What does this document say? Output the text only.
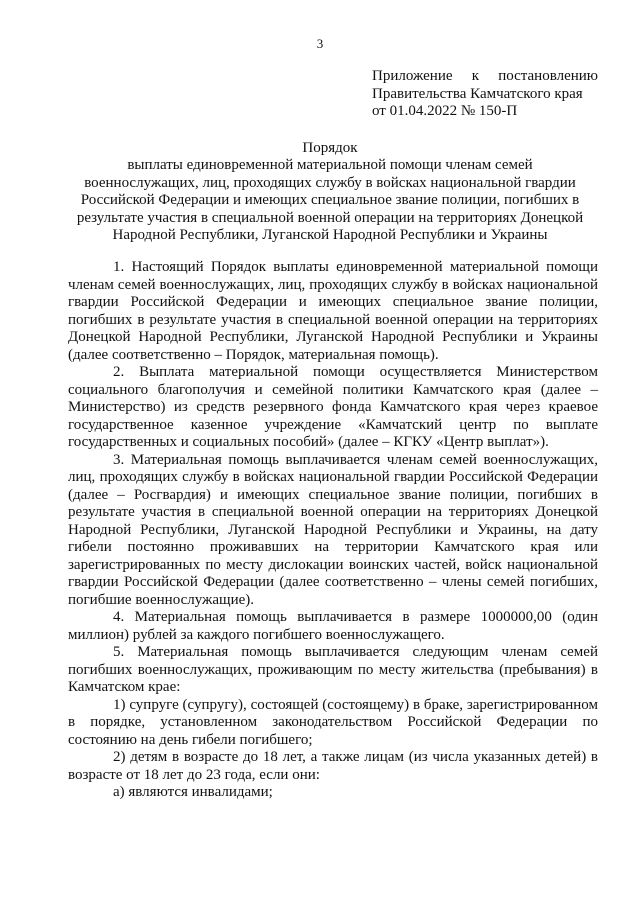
3
Приложение к постановлению
Правительства Камчатского края
от 01.04.2022 № 150-П
Порядок
выплаты единовременной материальной помощи членам семей
военнослужащих, лиц, проходящих службу в войсках национальной гвардии
Российской Федерации и имеющих специальное звание полиции, погибших в
результате участия в специальной военной операции на территориях Донецкой
Народной Республики, Луганской Народной Республики и Украины

1. Настоящий Порядок выплаты единовременной материальной помощи членам семей военнослужащих, лиц, проходящих службу в войсках национальной гвардии Российской Федерации и имеющих специальное звание полиции, погибших в результате участия в специальной военной операции на территориях Донецкой Народной Республики, Луганской Народной Республики и Украины (далее соответственно – Порядок, материальная помощь).

2. Выплата материальной помощи осуществляется Министерством социального благополучия и семейной политики Камчатского края (далее – Министерство) из средств резервного фонда Камчатского края через краевое государственное казенное учреждение «Камчатский центр по выплате государственных и социальных пособий» (далее – КГКУ «Центр выплат»).

3. Материальная помощь выплачивается членам семей военнослужащих, лиц, проходящих службу в войсках национальной гвардии Российской Федерации (далее – Росгвардия) и имеющих специальное звание полиции, погибших в результате участия в специальной военной операции на территориях Донецкой Народной Республики, Луганской Народной Республики и Украины, на дату гибели постоянно проживавших на территории Камчатского края или зарегистрированных по месту дислокации воинских частей, войск национальной гвардии Российской Федерации (далее соответственно – члены семей погибших, погибшие военнослужащие).

4. Материальная помощь выплачивается в размере 1000000,00 (один миллион) рублей за каждого погибшего военнослужащего.

5. Материальная помощь выплачивается следующим членам семей погибших военнослужащих, проживающим по месту жительства (пребывания) в Камчатском крае:

1) супруге (супругу), состоящей (состоящему) в браке, зарегистрированном в порядке, установленном законодательством Российской Федерации по состоянию на день гибели погибшего;

2) детям в возрасте до 18 лет, а также лицам (из числа указанных детей) в возрасте от 18 лет до 23 года, если они:

а) являются инвалидами;
